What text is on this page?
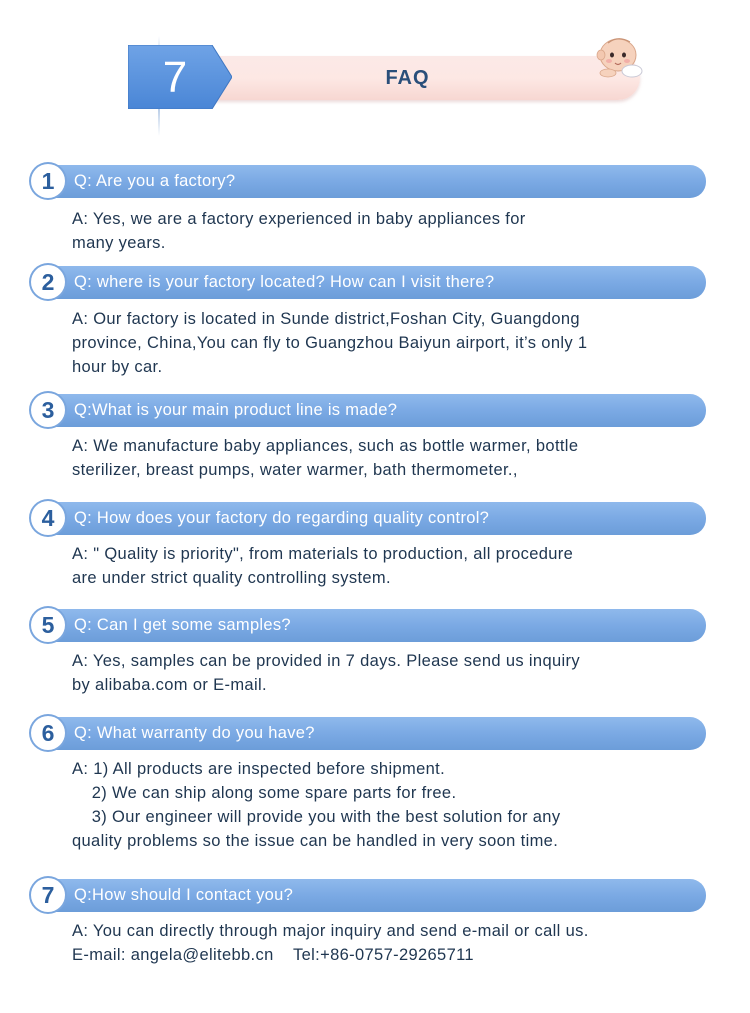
7	FAQ
1	Q: Are you a factory?
A: Yes, we are a factory experienced in baby appliances for
many years.
2	Q: where is your factory located? How can I visit there?
A: Our factory is located in Sunde district,Foshan City, Guangdong
province, China,You can fly to Guangzhou Baiyun airport, it’s only 1
hour by car.
3	Q:What is your main product line is made?
A: We manufacture baby appliances, such as bottle warmer, bottle
sterilizer, breast pumps, water warmer, bath thermometer.,
4	Q: How does your factory do regarding quality control?
A: " Quality is priority", from materials to production, all procedure
are under strict quality controlling system.
5	Q: Can I get some samples?
A: Yes, samples can be provided in 7 days. Please send us inquiry
by alibaba.com or E-mail.
6	Q: What warranty do you have?
A: 1) All products are inspected before shipment.
2) We can ship along some spare parts for free.
3) Our engineer will provide you with the best solution for any
quality problems so the issue can be handled in very soon time.
7	Q:How should I contact you?
A: You can directly through major inquiry and send e-mail or call us.
E-mail: angela@elitebb.cn    Tel:+86-0757-29265711
